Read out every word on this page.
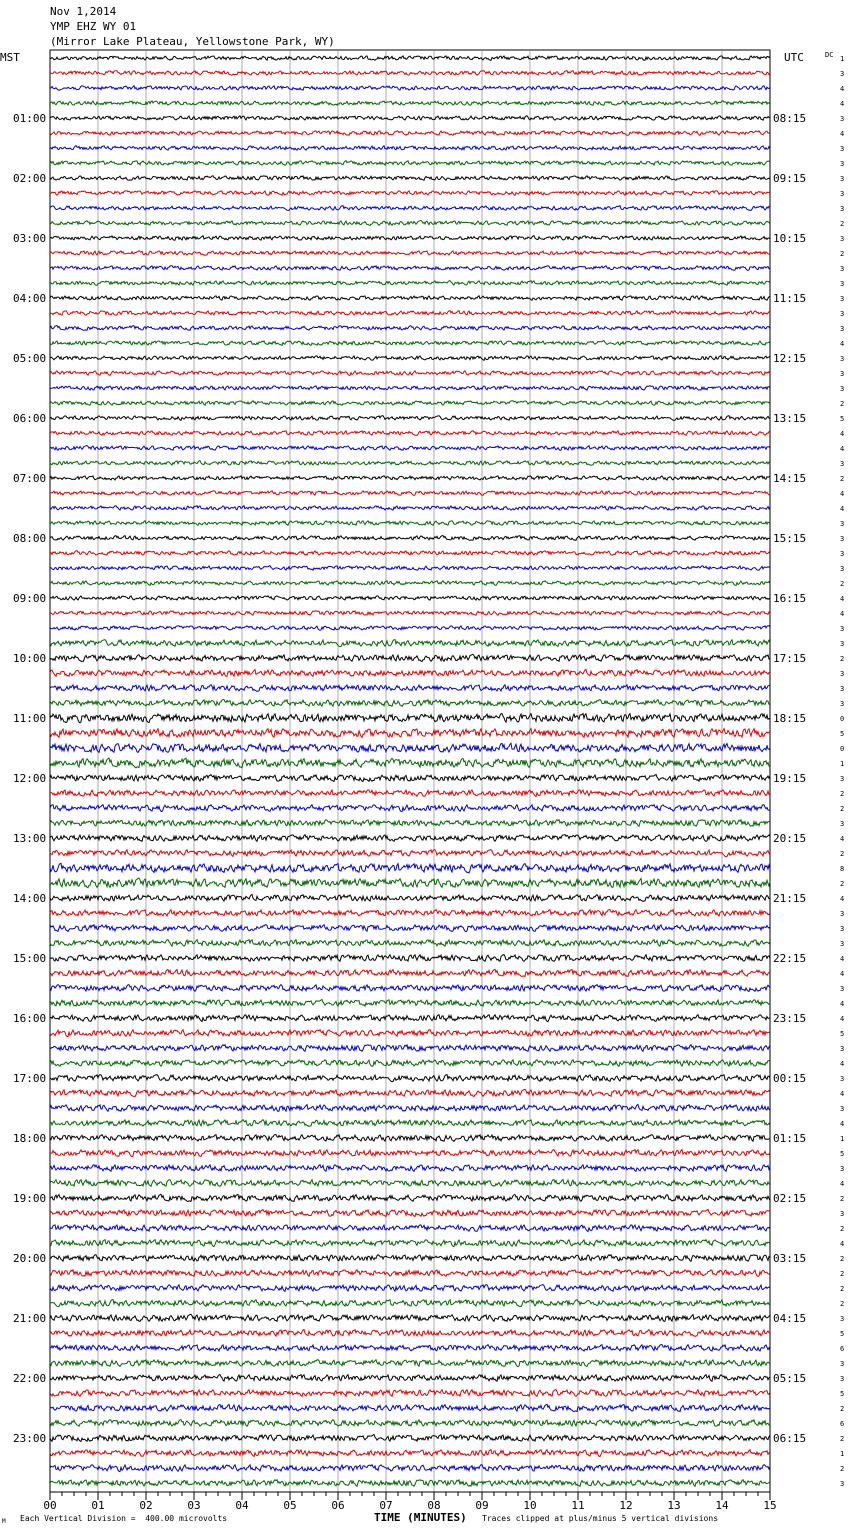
Nov 1,2014
YMP EHZ WY 01
(Mirror Lake Plateau, Yellowstone Park, WY)
00	01	02	03	04	05	06	07	08	09	10	11	12	13	14	15
MST
01:00
02:00
03:00
04:00
05:00
06:00
07:00
08:00
09:00
10:00
11:00
12:00
13:00
14:00
15:00
16:00
17:00
18:00
19:00
20:00
21:00
22:00
23:00
UTC
08:15
09:15
10:15
11:15
12:15
13:15
14:15
15:15
16:15
17:15
18:15
19:15
20:15
21:15
22:15
23:15
00:15
01:15
02:15
03:15
04:15
05:15
06:15
DC 1
3
4
4
3
4
3
3
3
3
3
2
3
2
3
3
3
3
3
4
3
3
3
2
5
4
4
3
2
4
4
3
3
3
3
2
4
4
3
3
2
3
3
3
0
5
0
1
3
2
2
3
4
2
8
2
4
3
3
3
4
4
3
4
4
5
3
4
3
4
3
4
1
5
3
4
2
3
2
4
2
2
2
2
3
5
6
3
3
5
2
6
2
1
2
3
M Each Vertical Division =  400.00 microvolts	TIME (MINUTES) Traces clipped at plus/minus 5 vertical divisions
